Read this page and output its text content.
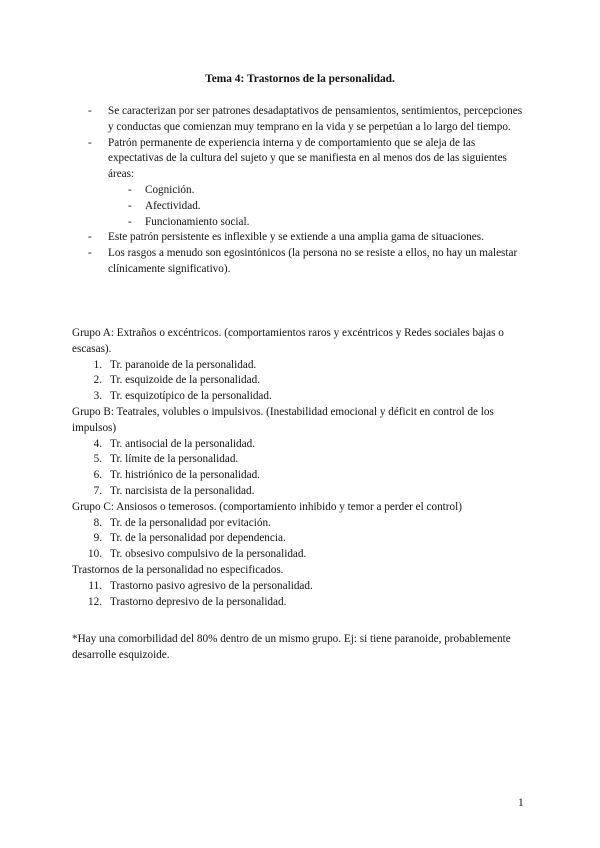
Tema 4: Trastornos de la personalidad.
- Se caracterizan por ser patrones desadaptativos de pensamientos, sentimientos, percepciones y conductas que comienzan muy temprano en la vida y se perpetúan a lo largo del tiempo.
- Patrón permanente de experiencia interna y de comportamiento que se aleja de las expectativas de la cultura del sujeto y que se manifiesta en al menos dos de las siguientes áreas:
- Cognición.
- Afectividad.
- Funcionamiento social.
- Este patrón persistente es inflexible y se extiende a una amplia gama de situaciones.
- Los rasgos a menudo son egosintónicos (la persona no se resiste a ellos, no hay un malestar clínicamente significativo).
Grupo A: Extraños o excéntricos. (comportamientos raros y excéntricos y Redes sociales bajas o escasas).
1. Tr. paranoide de la personalidad.
2. Tr. esquizoide de la personalidad.
3. Tr. esquizotípico de la personalidad.
Grupo B: Teatrales, volubles o impulsivos. (Inestabilidad emocional y déficit en control de los impulsos)
4. Tr. antisocial de la personalidad.
5. Tr. límite de la personalidad.
6. Tr. histriónico de la personalidad.
7. Tr. narcisista de la personalidad.
Grupo C: Ansiosos o temerosos. (comportamiento inhibido y temor a perder el control)
8. Tr. de la personalidad por evitación.
9. Tr. de la personalidad por dependencia.
10. Tr. obsesivo compulsivo de la personalidad.
Trastornos de la personalidad no especificados.
11. Trastorno pasivo agresivo de la personalidad.
12. Trastorno depresivo de la personalidad.
*Hay una comorbilidad del 80% dentro de un mismo grupo. Ej: si tiene paranoide, probablemente desarrolle esquizoide.
1
